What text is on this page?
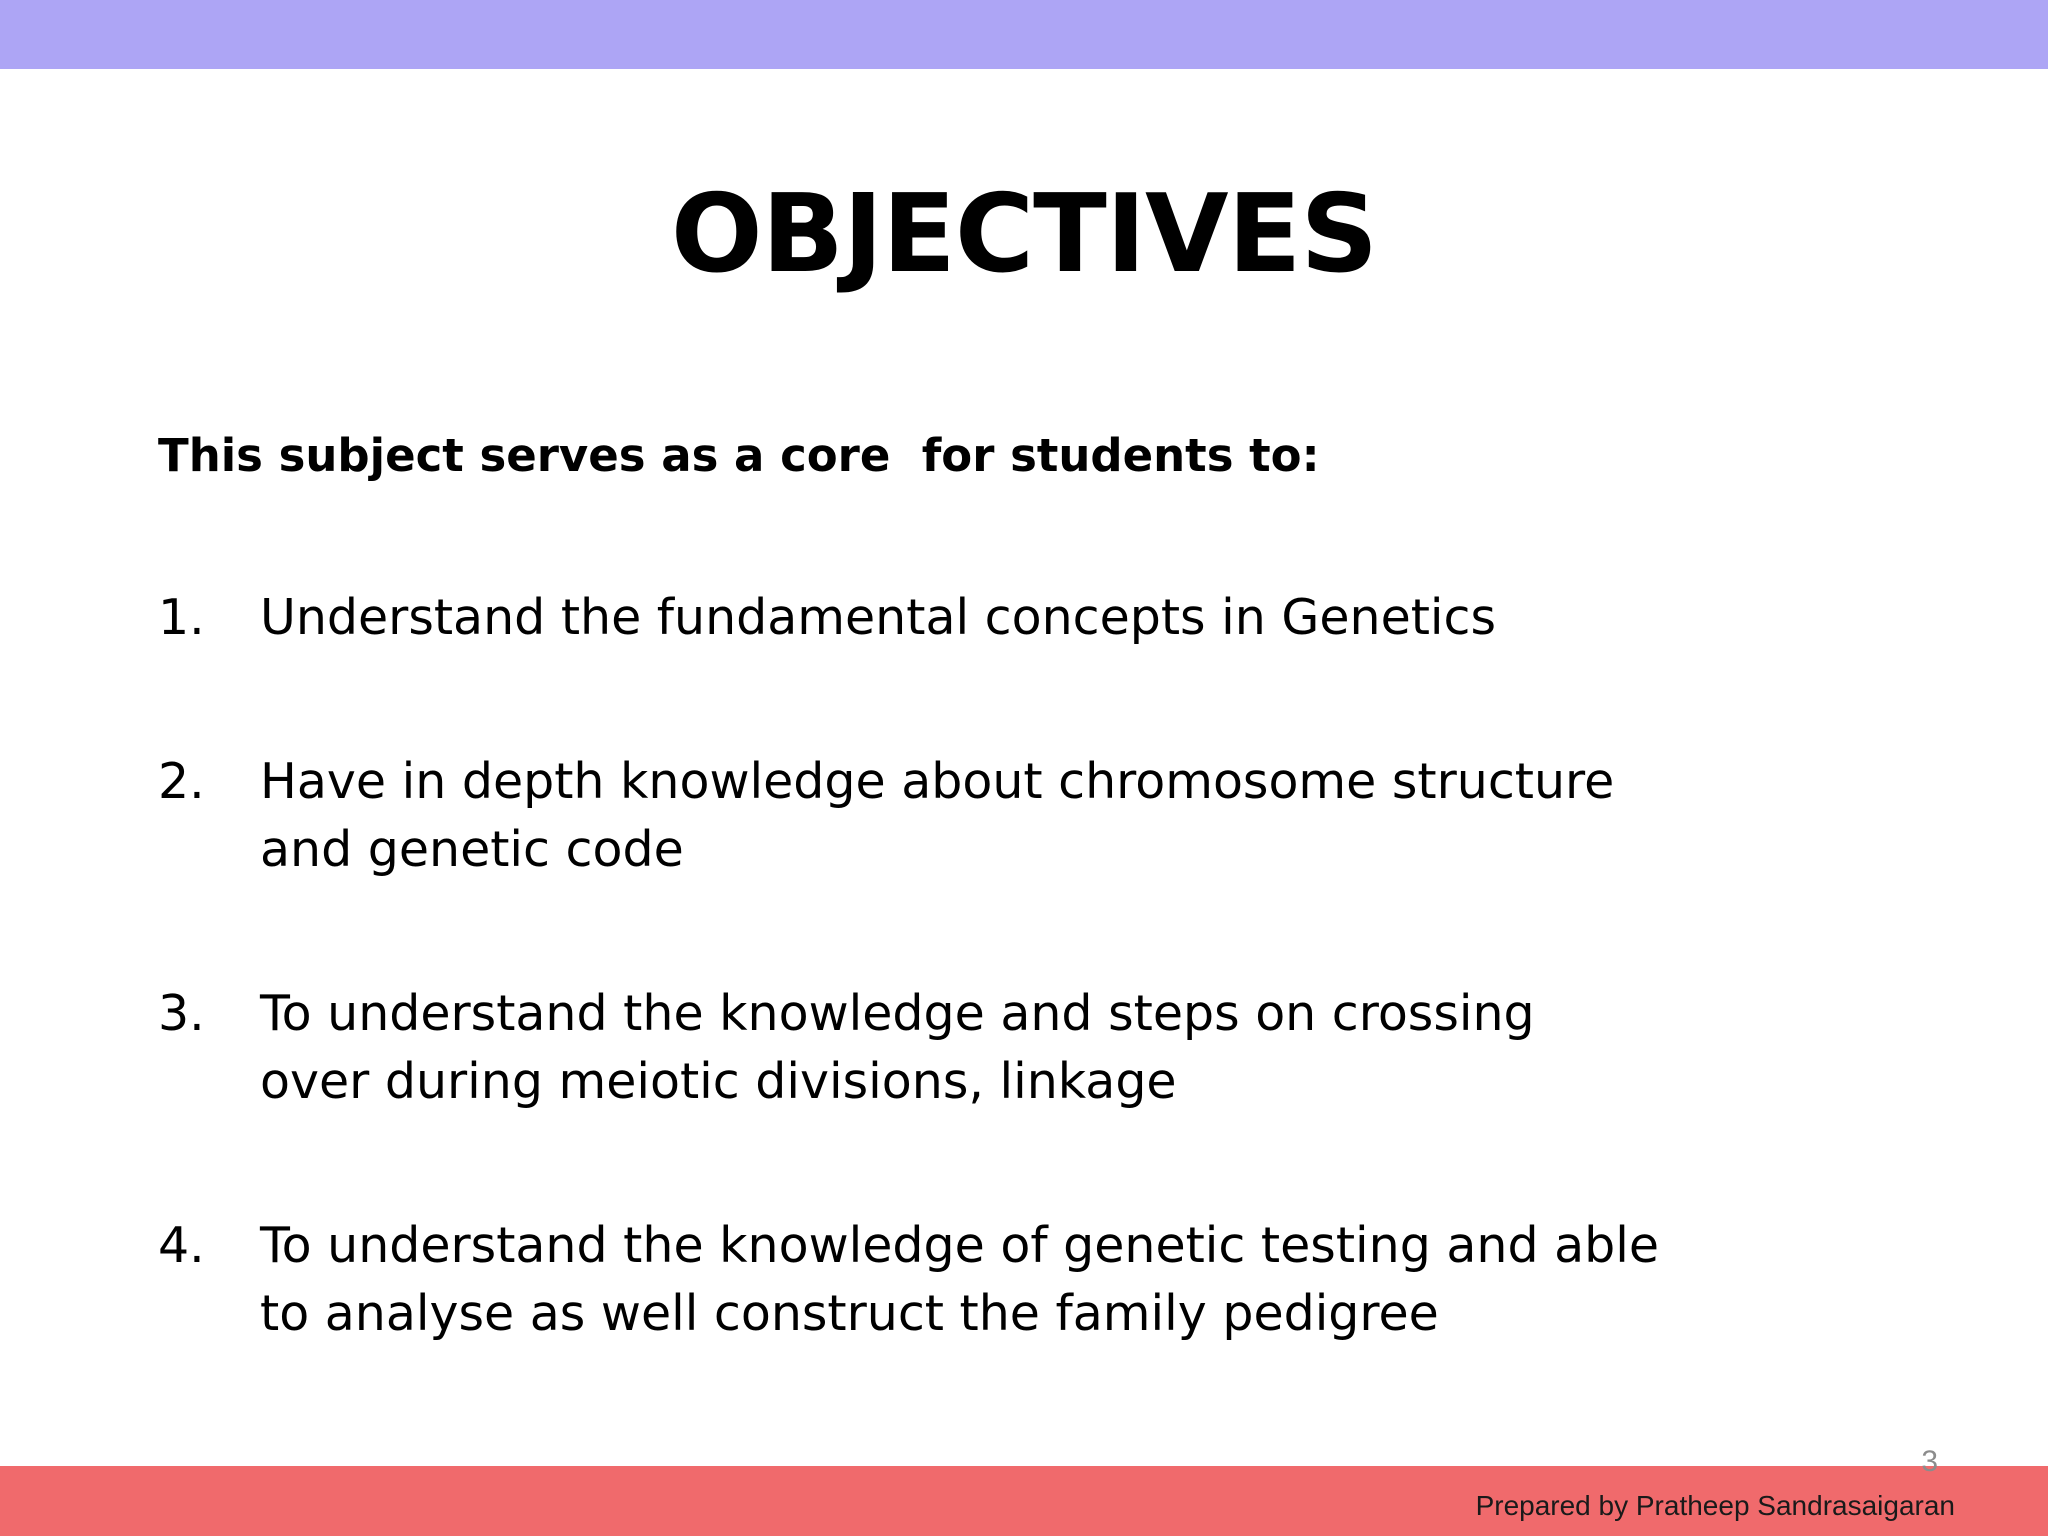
OBJECTIVES

This subject serves as a core  for students to:

1. Understand the fundamental concepts in Genetics
2. Have in depth knowledge about chromosome structure and genetic code
3. To understand the knowledge and steps on crossing over during meiotic divisions, linkage
4. To understand the knowledge of genetic testing and able to analyse as well construct the family pedigree
3
Prepared by Pratheep Sandrasaigaran
